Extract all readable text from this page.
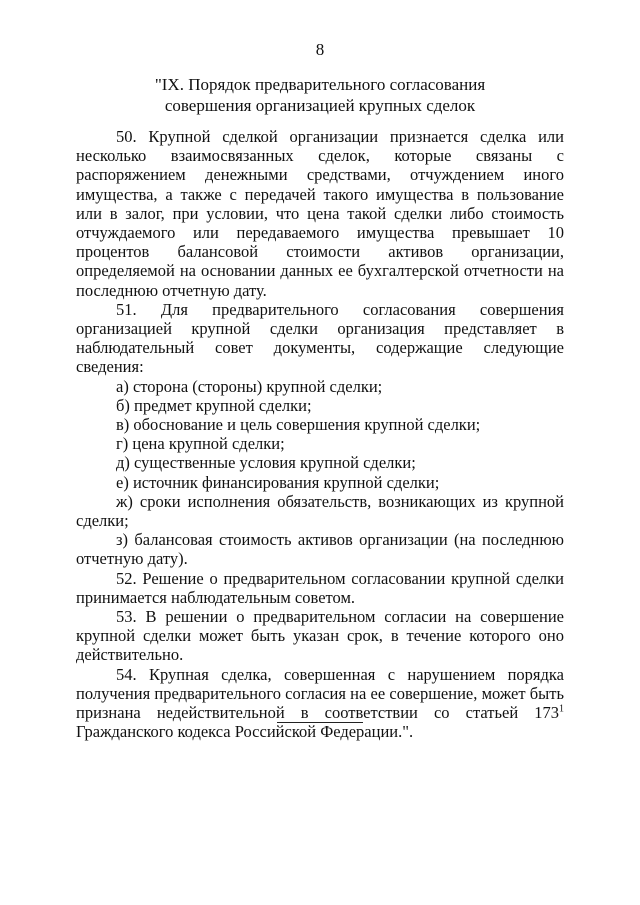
8
"IX. Порядок предварительного согласования
совершения организацией крупных сделок

50. Крупной сделкой организации признается сделка или несколько взаимосвязанных сделок, которые связаны с распоряжением денежными средствами, отчуждением иного имущества, а также с передачей такого имущества в пользование или в залог, при условии, что цена такой сделки либо стоимость отчуждаемого или передаваемого имущества превышает 10 процентов балансовой стоимости активов организации, определяемой на основании данных ее бухгалтерской отчетности на последнюю отчетную дату.

51. Для предварительного согласования совершения организацией крупной сделки организация представляет в наблюдательный совет документы, содержащие следующие сведения:

а) сторона (стороны) крупной сделки;

б) предмет крупной сделки;

в) обоснование и цель совершения крупной сделки;

г) цена крупной сделки;

д) существенные условия крупной сделки;

е) источник финансирования крупной сделки;

ж) сроки исполнения обязательств, возникающих из крупной сделки;

з) балансовая стоимость активов организации (на последнюю отчетную дату).

52. Решение о предварительном согласовании крупной сделки принимается наблюдательным советом.

53. В решении о предварительном согласии на совершение крупной сделки может быть указан срок, в течение которого оно действительно.

54. Крупная сделка, совершенная с нарушением порядка получения предварительного согласия на ее совершение, может быть признана недействительной в соответствии со статьей $173^1$ Гражданского кодекса Российской Федерации.".
